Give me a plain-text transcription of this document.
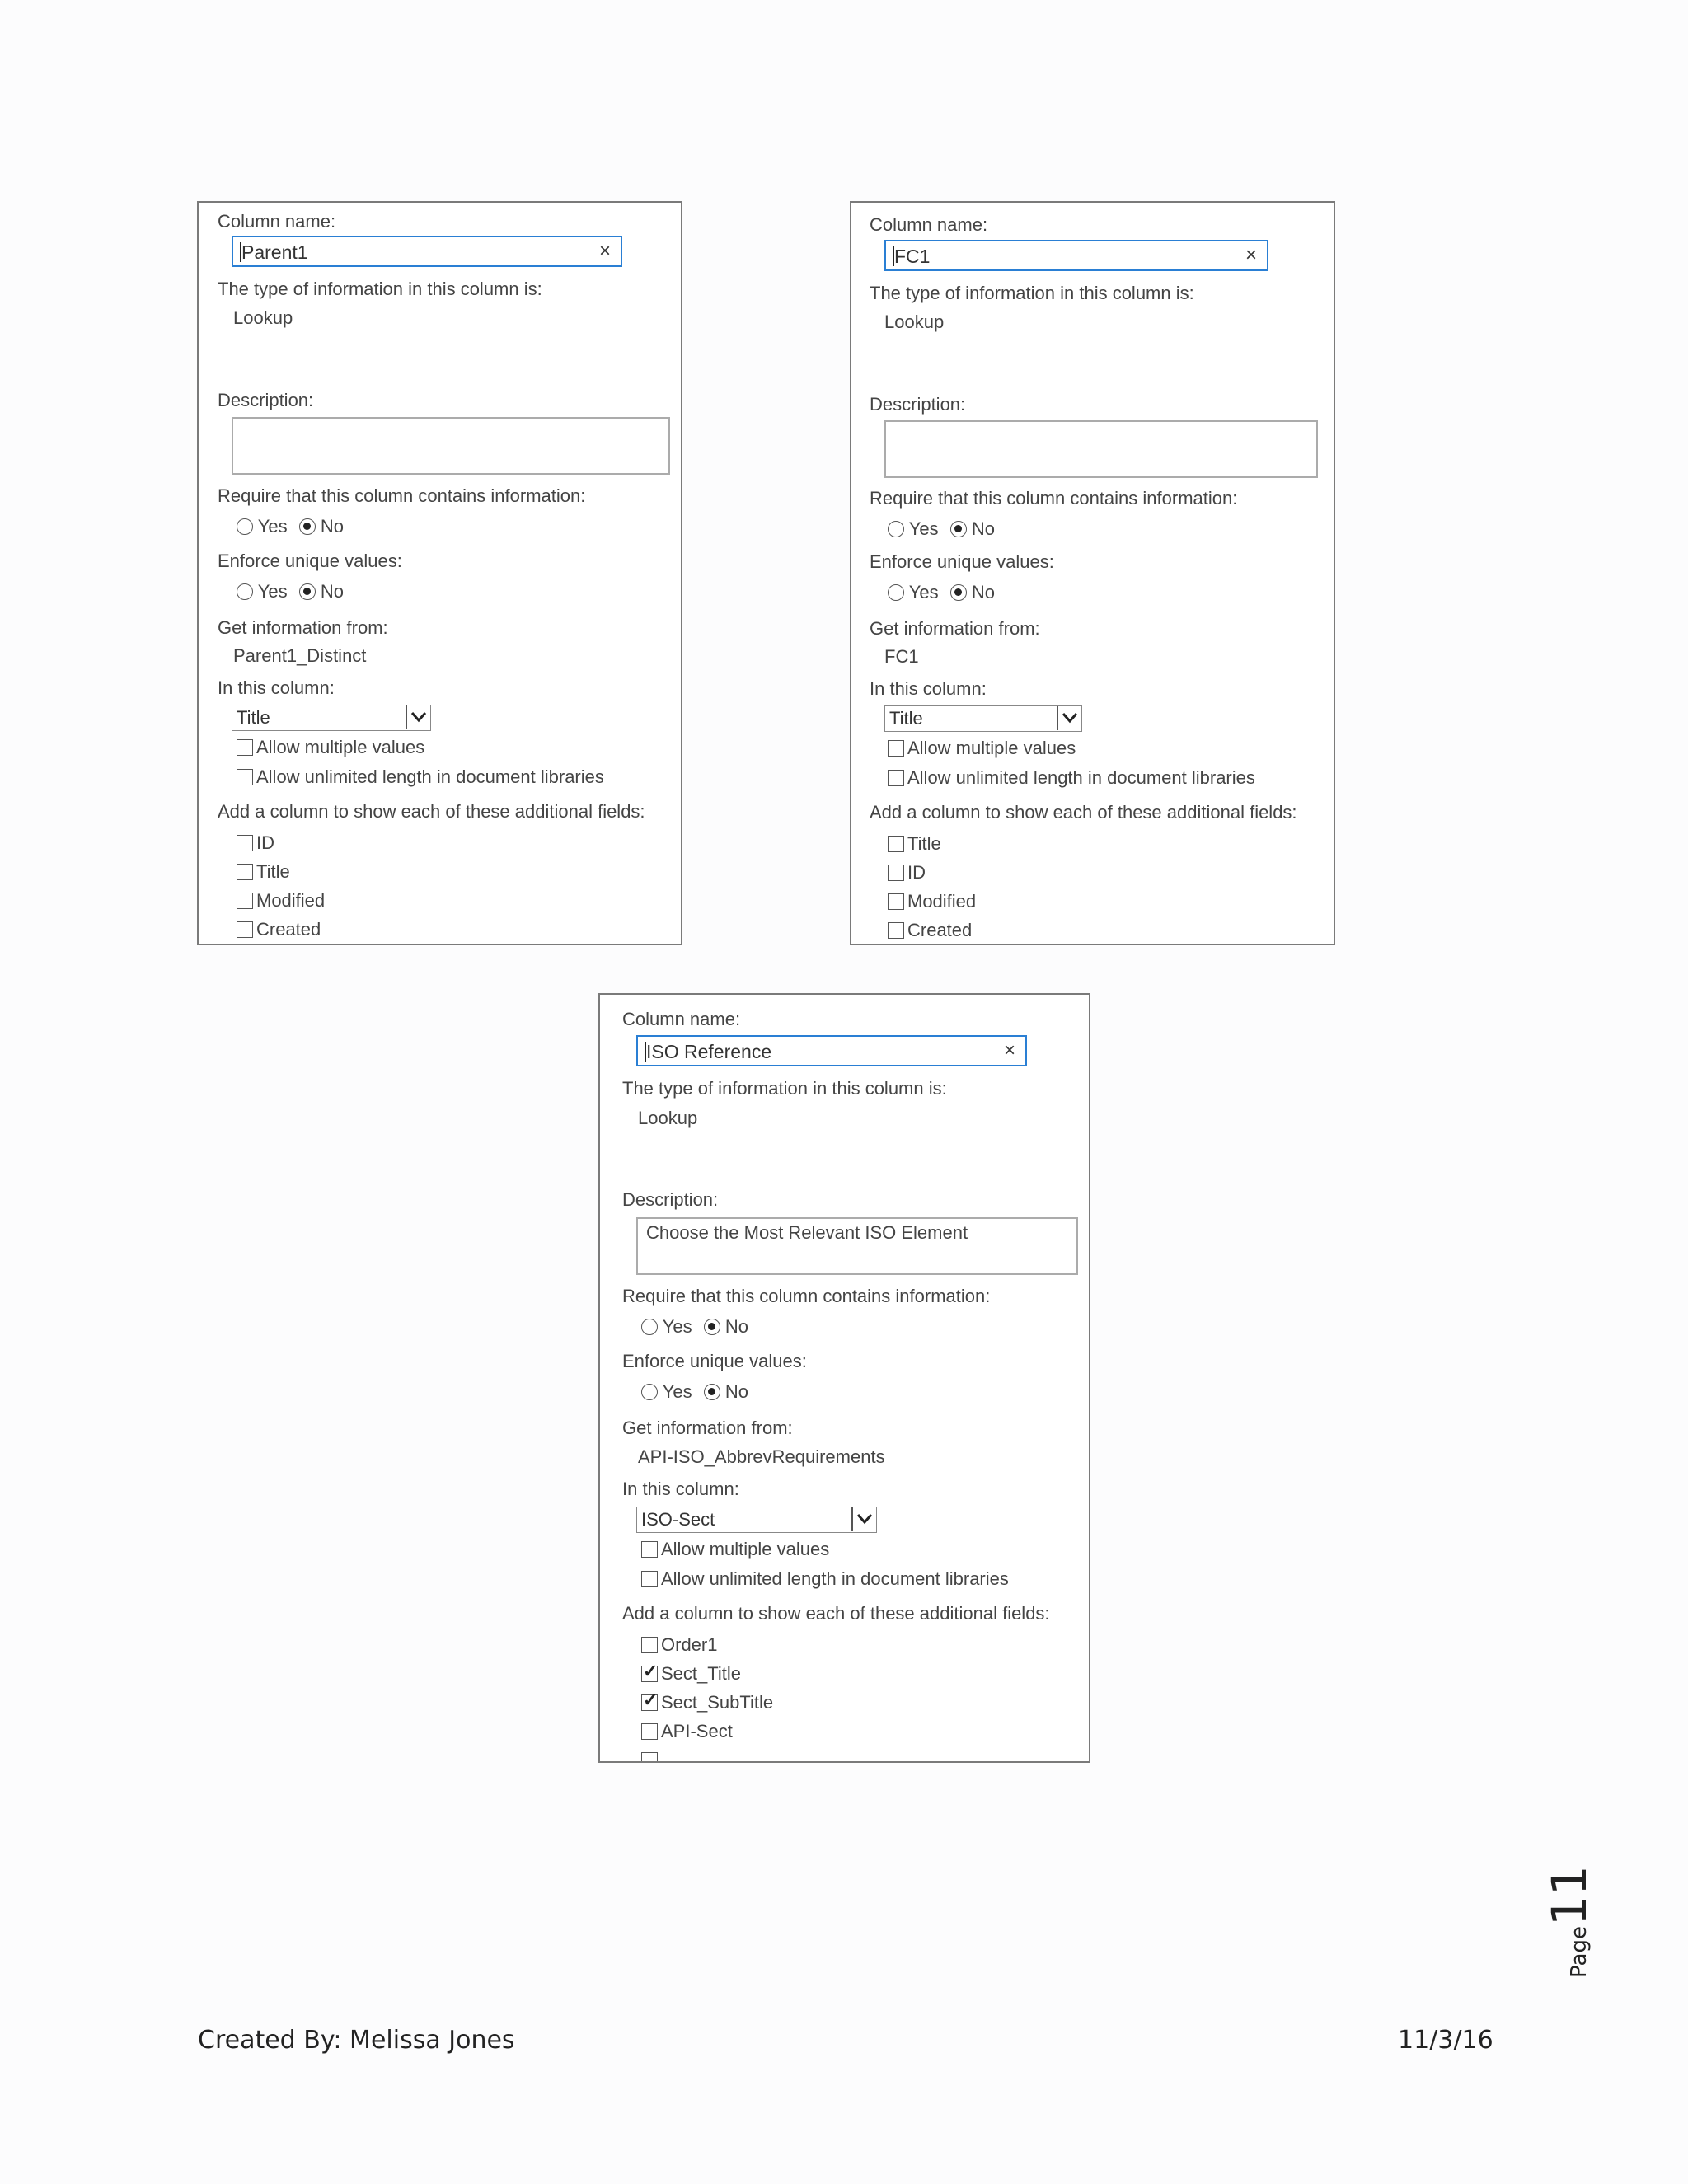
Column name:
Parent1	×
The type of information in this column is:
Lookup
Description:
Require that this column contains information:
Yes No
Enforce unique values:
Yes No
Get information from:
Parent1_Distinct
In this column:
Title
Allow multiple values
Allow unlimited length in document libraries
Add a column to show each of these additional fields:
ID
Title
Modified
Created
Column name:
FC1	×
The type of information in this column is:
Lookup
Description:
Require that this column contains information:
Yes No
Enforce unique values:
Yes No
Get information from:
FC1
In this column:
Title
Allow multiple values
Allow unlimited length in document libraries
Add a column to show each of these additional fields:
Title
ID
Modified
Created
Column name:
ISO Reference	×
The type of information in this column is:
Lookup
Description:
Choose the Most Relevant ISO Element
Require that this column contains information:
Yes No
Enforce unique values:
Yes No
Get information from:
API-ISO_AbbrevRequirements
In this column:
ISO-Sect
Allow multiple values
Allow unlimited length in document libraries
Add a column to show each of these additional fields:
Order1
✓Sect_Title
✓Sect_SubTitle
API-Sect
Created By: Melissa Jones	11/3/16
Page11
